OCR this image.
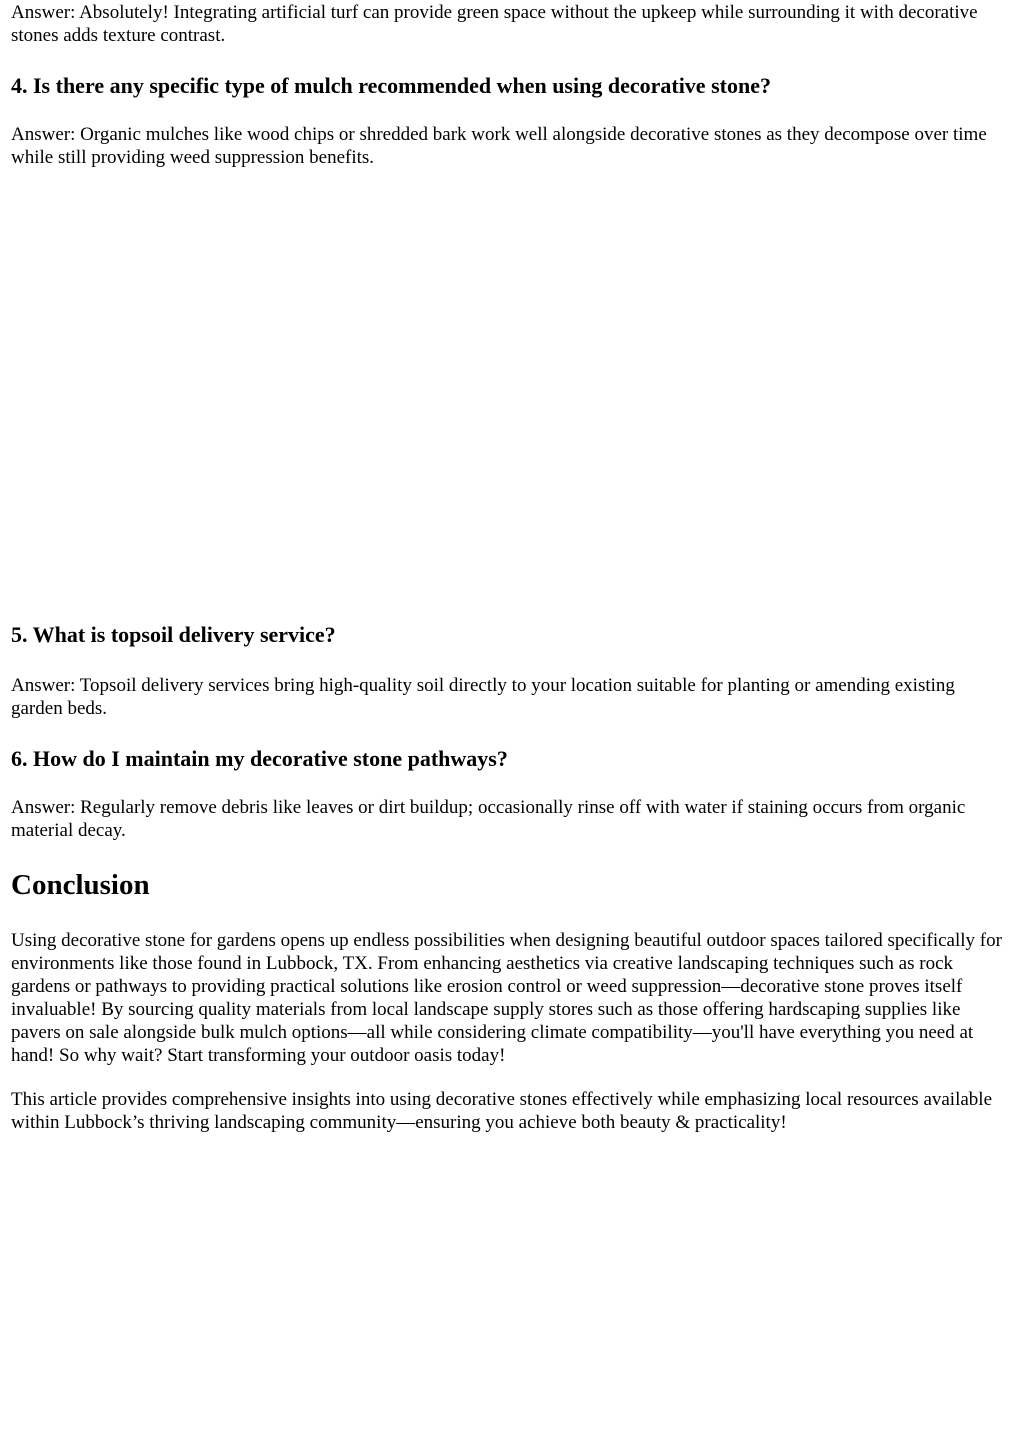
Answer: Absolutely! Integrating artificial turf can provide green space without the upkeep while surrounding it with decorative stones adds texture contrast.

4. Is there any specific type of mulch recommended when using decorative stone?

Answer: Organic mulches like wood chips or shredded bark work well alongside decorative stones as they decompose over time while still providing weed suppression benefits.

5. What is topsoil delivery service?

Answer: Topsoil delivery services bring high-quality soil directly to your location suitable for planting or amending existing garden beds.

6. How do I maintain my decorative stone pathways?

Answer: Regularly remove debris like leaves or dirt buildup; occasionally rinse off with water if staining occurs from organic material decay.

Conclusion

Using decorative stone for gardens opens up endless possibilities when designing beautiful outdoor spaces tailored specifically for environments like those found in Lubbock, TX. From enhancing aesthetics via creative landscaping techniques such as rock gardens or pathways to providing practical solutions like erosion control or weed suppression—decorative stone proves itself invaluable! By sourcing quality materials from local landscape supply stores such as those offering hardscaping supplies like pavers on sale alongside bulk mulch options—all while considering climate compatibility—you'll have everything you need at hand! So why wait? Start transforming your outdoor oasis today!

This article provides comprehensive insights into using decorative stones effectively while emphasizing local resources available within Lubbock’s thriving landscaping community—ensuring you achieve both beauty & practicality!
